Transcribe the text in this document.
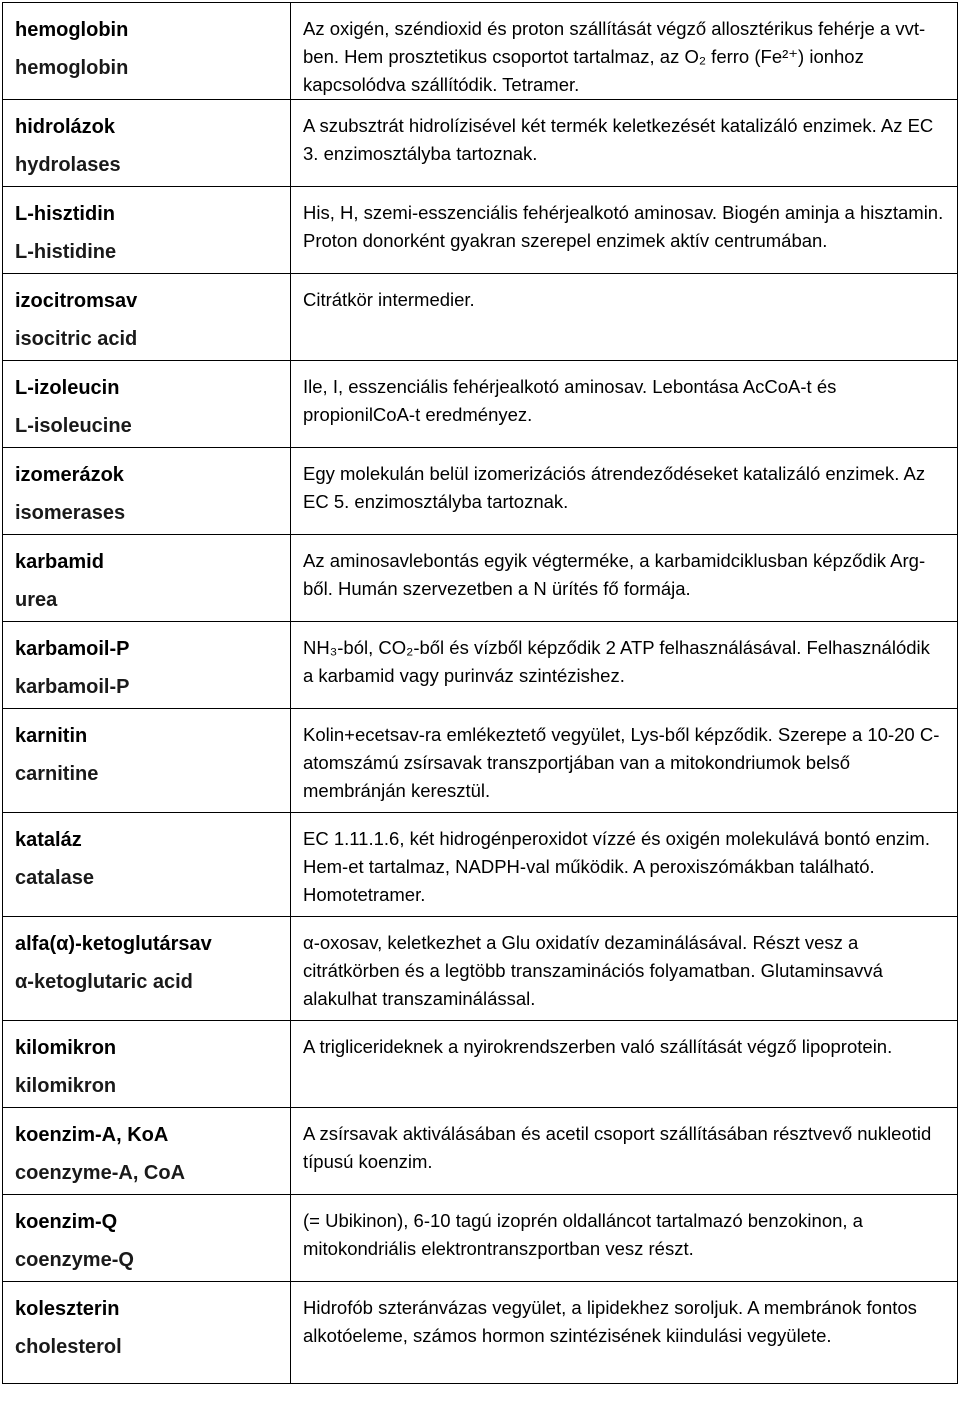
hemoglobin
hemoglobin	Az oxigén, széndioxid és proton szállítását végző allosztérikus fehérje a vvt-ben. Hem prosztetikus csoportot tartalmaz, az O₂ ferro (Fe²⁺) ionhoz kapcsolódva szállítódik. Tetramer.

hidrolázok
hydrolases	A szubsztrát hidrolízisével két termék keletkezését katalizáló enzimek. Az EC 3. enzimosztályba tartoznak.

L-hisztidin
L-histidine	His, H, szemi-esszenciális fehérjealkotó aminosav. Biogén aminja a hisztamin. Proton donorként gyakran szerepel enzimek aktív centrumában.

izocitromsav
isocitric acid	Citrátkör intermedier.

L-izoleucin
L-isoleucine	Ile, I, esszenciális fehérjealkotó aminosav. Lebontása AcCoA-t és propionilCoA-t eredményez.

izomerázok
isomerases	Egy molekulán belül izomerizációs átrendeződéseket katalizáló enzimek. Az EC 5. enzimosztályba tartoznak.

karbamid
urea	Az aminosavlebontás egyik végterméke, a karbamidciklusban képződik Arg-ből. Humán szervezetben a N ürítés fő formája.

karbamoil-P
karbamoil-P	NH₃-ból, CO₂-ből és vízből képződik 2 ATP felhasználásával. Felhasználódik a karbamid vagy purinváz szintézishez.

karnitin
carnitine	Kolin+ecetsav-ra emlékeztető vegyület, Lys-ből képződik. Szerepe a 10-20 C-atomszámú zsírsavak transzportjában van a mitokondriumok belső membránján keresztül.

kataláz
catalase	EC 1.11.1.6, két hidrogénperoxidot vízzé és oxigén molekulává bontó enzim. Hem-et tartalmaz, NADPH-val működik. A peroxiszómákban található. Homotetramer.

alfa(α)-ketoglutársav
α-ketoglutaric acid	α-oxosav, keletkezhet a Glu oxidatív dezaminálásával. Részt vesz a citrátkörben és a legtöbb transzaminációs folyamatban. Glutaminsavvá alakulhat transzaminálással.

kilomikron
kilomikron	A triglicerideknek a nyirokrendszerben való szállítását végző lipoprotein.

koenzim-A, KoA
coenzyme-A, CoA	A zsírsavak aktiválásában és acetil csoport szállításában résztvevő nukleotid típusú koenzim.

koenzim-Q
coenzyme-Q	(= Ubikinon), 6-10 tagú izoprén oldalláncot tartalmazó benzokinon, a mitokondriális elektrontranszportban vesz részt.

koleszterin
cholesterol	Hidrofób szteránvázas vegyület, a lipidekhez soroljuk. A membránok fontos alkotóeleme, számos hormon szintézisének kiindulási vegyülete.
